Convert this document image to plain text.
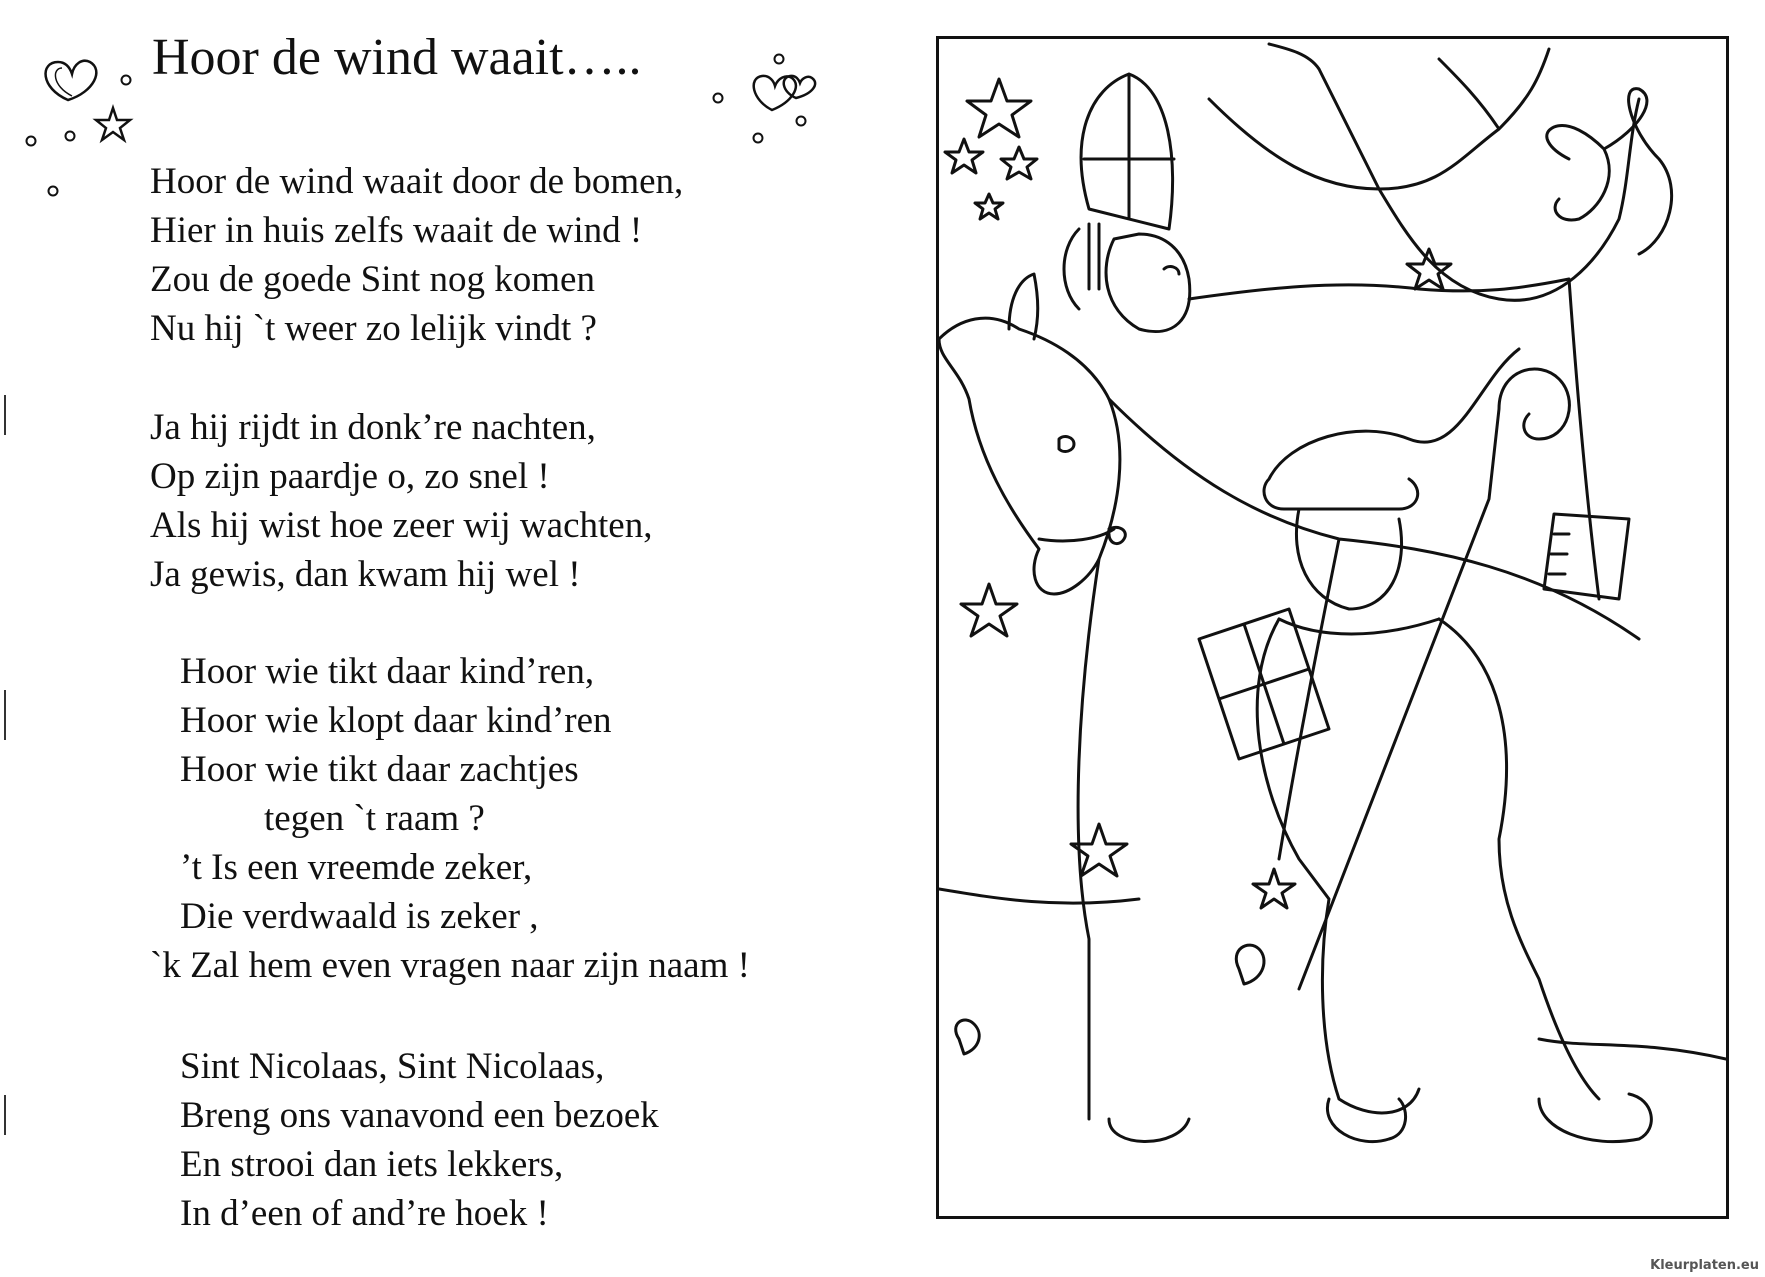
Hoor de wind waait…..
Hoor de wind waait door de bomen,
Hier in huis zelfs waait de wind !
Zou de goede Sint nog komen
Nu hij `t weer zo lelijk vindt ?
Ja hij rijdt in donk’re nachten,
Op zijn paardje o, zo snel !
Als hij wist hoe zeer wij wachten,
Ja gewis, dan kwam hij wel !
Hoor wie tikt daar kind’ren,
Hoor wie klopt daar kind’ren
Hoor wie tikt daar zachtjes
tegen `t raam ?
’t Is een vreemde zeker,
Die verdwaald is zeker ,
`k Zal hem even vragen naar zijn naam !
Sint Nicolaas, Sint Nicolaas,
Breng ons vanavond een bezoek
En strooi dan iets lekkers,
In d’een of and’re hoek !
Kleurplaten.eu
